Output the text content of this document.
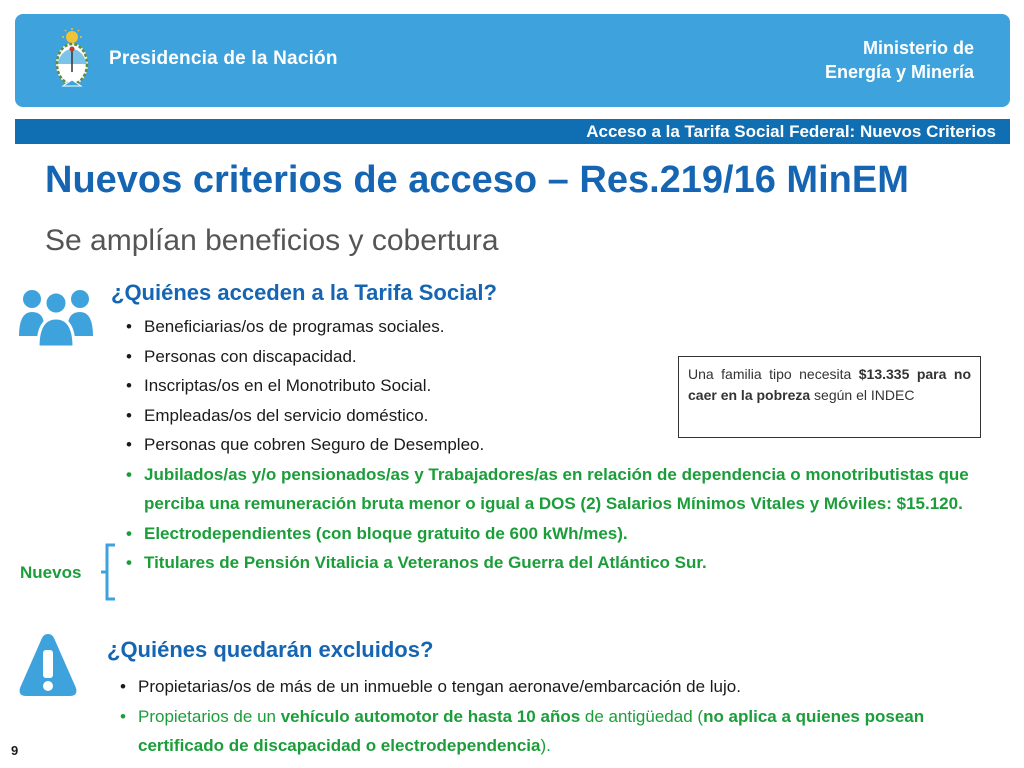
Presidencia de la Nación	Ministerio de
Energía y Minería
Acceso a la Tarifa Social Federal: Nuevos Criterios
Nuevos criterios de acceso – Res.219/16 MinEM
Se amplían beneficios y cobertura
¿Quiénes acceden a la Tarifa Social?
• Beneficiarias/os de programas sociales.
• Personas con discapacidad.
• Inscriptas/os en el Monotributo Social.
• Empleadas/os del servicio doméstico.
• Personas que cobren Seguro de Desempleo.
• Jubilados/as y/o pensionados/as y Trabajadores/as en relación de dependencia o monotributistas que perciba una remuneración bruta menor o igual a DOS (2) Salarios Mínimos Vitales y Móviles: $15.120.
• Electrodependientes (con bloque gratuito de 600 kWh/mes).
• Titulares de Pensión Vitalicia a Veteranos de Guerra del Atlántico Sur.
Una familia tipo necesita $13.335 para no caer en la pobreza según el INDEC
Nuevos
¿Quiénes quedarán excluidos?
• Propietarias/os de más de un inmueble o tengan aeronave/embarcación de lujo.
• Propietarios de un vehículo automotor de hasta 10 años de antigüedad (no aplica a quienes posean certificado de discapacidad o electrodependencia).
9
